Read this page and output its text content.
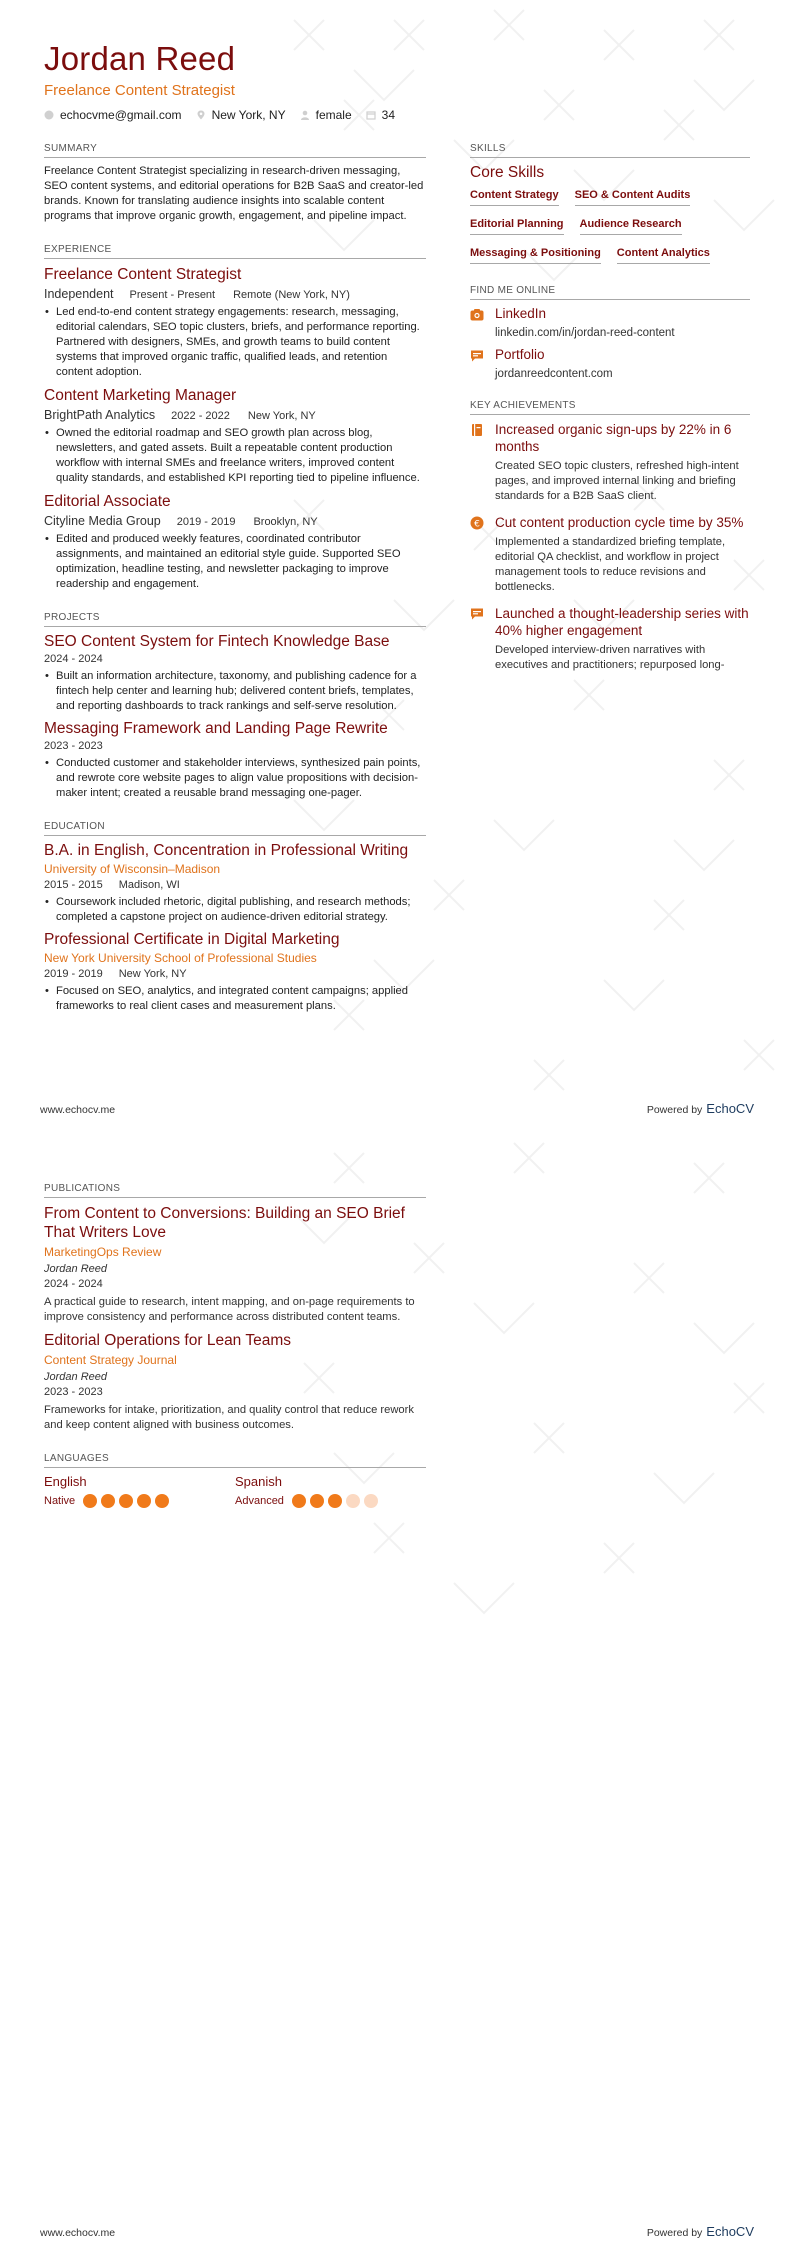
Jordan Reed
Freelance Content Strategist
echocvme@gmail.com	New York, NY	female	34
SUMMARY
Freelance Content Strategist specializing in research-driven messaging, SEO content systems, and editorial operations for B2B SaaS and creator-led brands. Known for translating audience insights into scalable content programs that improve organic growth, engagement, and pipeline impact.
EXPERIENCE
Freelance Content Strategist
Independent Present - Present Remote (New York, NY)
• Led end-to-end content strategy engagements: research, messaging, editorial calendars, SEO topic clusters, briefs, and performance reporting. Partnered with designers, SMEs, and growth teams to build content systems that improved organic traffic, qualified leads, and retention content adoption.
Content Marketing Manager
BrightPath Analytics 2022 - 2022 New York, NY
• Owned the editorial roadmap and SEO growth plan across blog, newsletters, and gated assets. Built a repeatable content production workflow with internal SMEs and freelance writers, improved content quality standards, and established KPI reporting tied to pipeline influence.
Editorial Associate
Cityline Media Group 2019 - 2019 Brooklyn, NY
• Edited and produced weekly features, coordinated contributor assignments, and maintained an editorial style guide. Supported SEO optimization, headline testing, and newsletter packaging to improve readership and engagement.
PROJECTS
SEO Content System for Fintech Knowledge Base
2024 - 2024
• Built an information architecture, taxonomy, and publishing cadence for a fintech help center and learning hub; delivered content briefs, templates, and reporting dashboards to track rankings and self-serve resolution.
Messaging Framework and Landing Page Rewrite
2023 - 2023
• Conducted customer and stakeholder interviews, synthesized pain points, and rewrote core website pages to align value propositions with decision-maker intent; created a reusable brand messaging one-pager.
EDUCATION
B.A. in English, Concentration in Professional Writing
University of Wisconsin–Madison
2015 - 2015 Madison, WI
• Coursework included rhetoric, digital publishing, and research methods; completed a capstone project on audience-driven editorial strategy.
Professional Certificate in Digital Marketing
New York University School of Professional Studies
2019 - 2019 New York, NY
• Focused on SEO, analytics, and integrated content campaigns; applied frameworks to real client cases and measurement plans.
SKILLS
Core Skills
Content Strategy SEO & Content Audits
Editorial Planning Audience Research
Messaging & Positioning Content Analytics
FIND ME ONLINE
LinkedIn
linkedin.com/in/jordan-reed-content
Portfolio
jordanreedcontent.com
KEY ACHIEVEMENTS
Increased organic sign-ups by 22% in 6 months
Created SEO topic clusters, refreshed high-intent pages, and improved internal linking and briefing standards for a B2B SaaS client.
€ Cut content production cycle time by 35%
Implemented a standardized briefing template, editorial QA checklist, and workflow in project management tools to reduce revisions and bottlenecks.
Launched a thought-leadership series with 40% higher engagement
Developed interview-driven narratives with executives and practitioners; repurposed long-
www.echocv.me	Powered by EchoCV
PUBLICATIONS
From Content to Conversions: Building an SEO Brief That Writers Love
MarketingOps Review
Jordan Reed
2024 - 2024
A practical guide to research, intent mapping, and on-page requirements to improve consistency and performance across distributed content teams.
Editorial Operations for Lean Teams
Content Strategy Journal
Jordan Reed
2023 - 2023
Frameworks for intake, prioritization, and quality control that reduce rework and keep content aligned with business outcomes.
LANGUAGES
English
Native
Spanish
Advanced
www.echocv.me	Powered by EchoCV
